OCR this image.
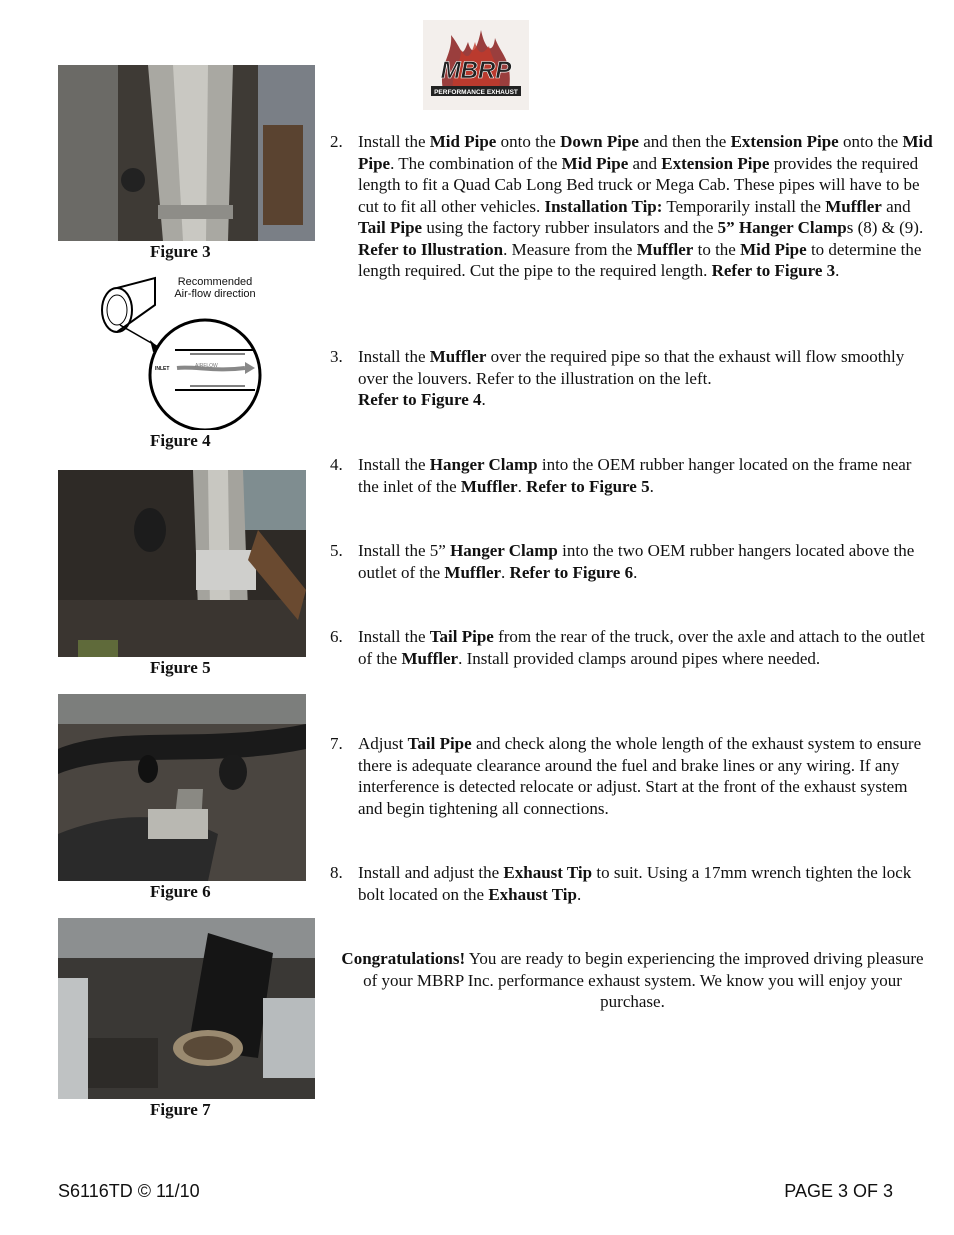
MBRP
PERFORMANCE EXHAUST
Figure 3
Recommended
Air-flow direction
INLET	AIRFLOW
Figure 4
Figure 5
Figure 6
Figure 7
2. Install the Mid Pipe onto the Down Pipe and then the Extension Pipe onto the Mid Pipe. The combination of the Mid Pipe and Extension Pipe provides the required length to fit a Quad Cab Long Bed truck or Mega Cab. These pipes will have to be cut to fit all other vehicles. Installation Tip: Temporarily install the Muffler and Tail Pipe using the factory rubber insulators and the 5” Hanger Clamps (8) & (9). Refer to Illustration. Measure from the Muffler to the Mid Pipe to determine the length required. Cut the pipe to the required length. Refer to Figure 3.
3. Install the Muffler over the required pipe so that the exhaust will flow smoothly over the louvers. Refer to the illustration on the left.
Refer to Figure 4.
4. Install the Hanger Clamp into the OEM rubber hanger located on the frame near the inlet of the Muffler. Refer to Figure 5.
5. Install the 5” Hanger Clamp into the two OEM rubber hangers located above the outlet of the Muffler. Refer to Figure 6.
6. Install the Tail Pipe from the rear of the truck, over the axle and attach to the outlet of the Muffler. Install provided clamps around pipes where needed.
7. Adjust Tail Pipe and check along the whole length of the exhaust system to ensure there is adequate clearance around the fuel and brake lines or any wiring. If any interference is detected relocate or adjust. Start at the front of the exhaust system and begin tightening all connections.
8. Install and adjust the Exhaust Tip to suit. Using a 17mm wrench tighten the lock bolt located on the Exhaust Tip.
Congratulations! You are ready to begin experiencing the improved driving pleasure of your MBRP Inc. performance exhaust system. We know you will enjoy your purchase.
S6116TD © 11/10	PAGE 3 OF 3
